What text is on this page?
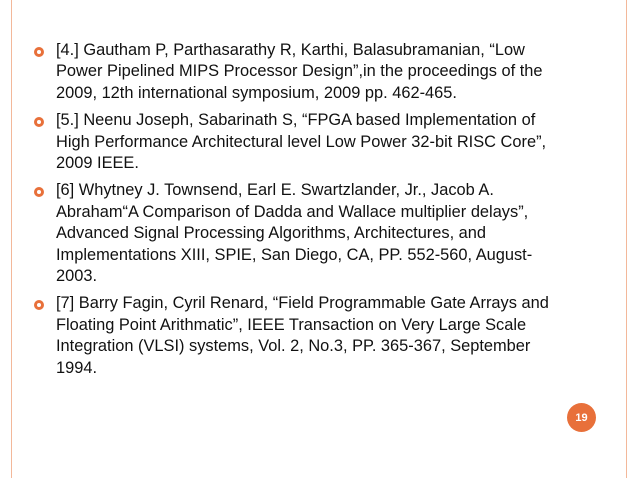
[4.] Gautham P, Parthasarathy R, Karthi, Balasubramanian, “Low
Power Pipelined MIPS Processor Design”,in the proceedings of the
2009, 12th international symposium, 2009 pp. 462-465.

[5.] Neenu Joseph, Sabarinath S, “FPGA based Implementation of
High Performance Architectural level Low Power 32-bit RISC Core”,
2009 IEEE.

[6] Whytney J. Townsend, Earl E. Swartzlander, Jr., Jacob A.
Abraham“A Comparison of Dadda and Wallace multiplier delays”,
Advanced Signal Processing Algorithms, Architectures, and
Implementations XIII, SPIE, San Diego, CA, PP. 552-560, August-
2003.

[7] Barry Fagin, Cyril Renard, “Field Programmable Gate Arrays and
Floating Point Arithmatic”, IEEE Transaction on Very Large Scale
Integration (VLSI) systems, Vol. 2, No.3, PP. 365-367, September
1994.

19
